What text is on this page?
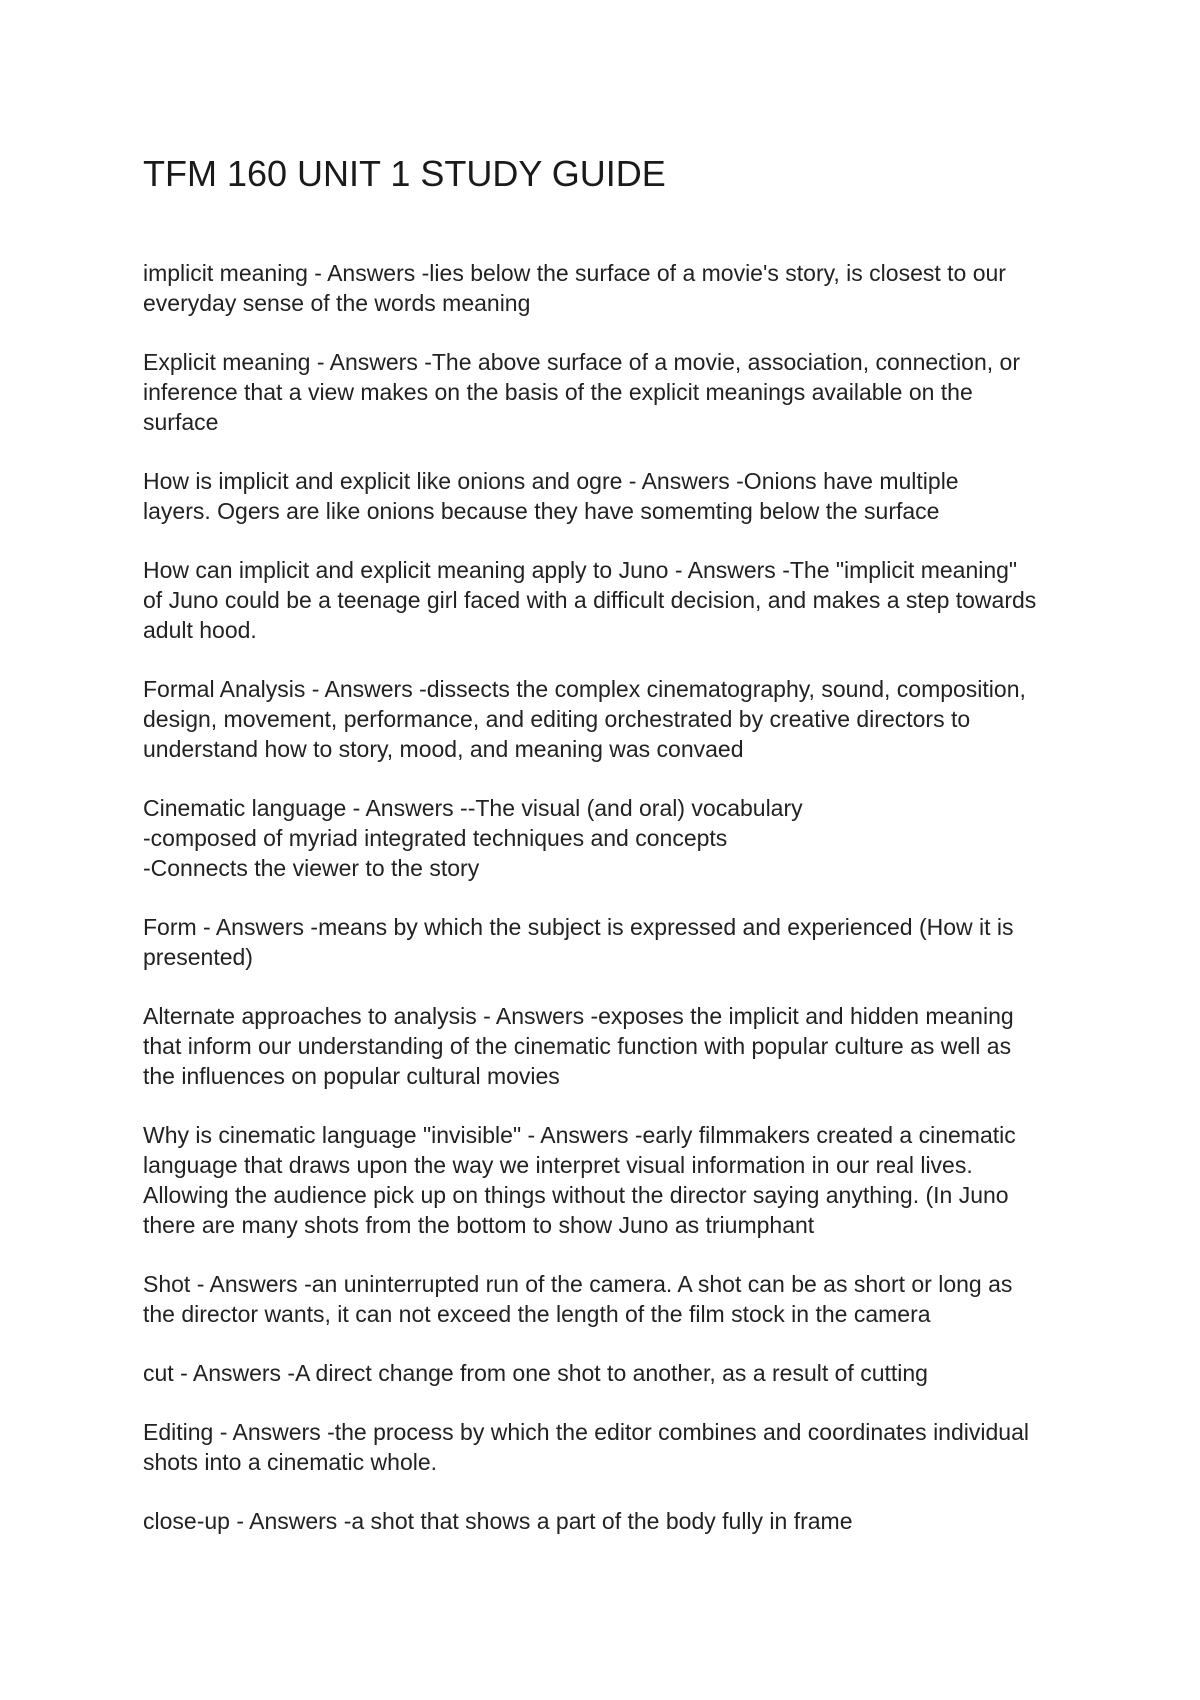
TFM 160 UNIT 1 STUDY GUIDE

implicit meaning - Answers -lies below the surface of a movie's story, is closest to our
everyday sense of the words meaning

Explicit meaning - Answers -The above surface of a movie, association, connection, or
inference that a view makes on the basis of the explicit meanings available on the
surface

How is implicit and explicit like onions and ogre - Answers -Onions have multiple
layers. Ogers are like onions because they have somemting below the surface

How can implicit and explicit meaning apply to Juno - Answers -The "implicit meaning"
of Juno could be a teenage girl faced with a difficult decision, and makes a step towards
adult hood.

Formal Analysis - Answers -dissects the complex cinematography, sound, composition,
design, movement, performance, and editing orchestrated by creative directors to
understand how to story, mood, and meaning was convaed

Cinematic language - Answers --The visual (and oral) vocabulary
-composed of myriad integrated techniques and concepts
-Connects the viewer to the story

Form - Answers -means by which the subject is expressed and experienced (How it is
presented)

Alternate approaches to analysis - Answers -exposes the implicit and hidden meaning
that inform our understanding of the cinematic function with popular culture as well as
the influences on popular cultural movies

Why is cinematic language "invisible" - Answers -early filmmakers created a cinematic
language that draws upon the way we interpret visual information in our real lives.
Allowing the audience pick up on things without the director saying anything. (In Juno
there are many shots from the bottom to show Juno as triumphant

Shot - Answers -an uninterrupted run of the camera. A shot can be as short or long as
the director wants, it can not exceed the length of the film stock in the camera

cut - Answers -A direct change from one shot to another, as a result of cutting

Editing - Answers -the process by which the editor combines and coordinates individual
shots into a cinematic whole.

close-up - Answers -a shot that shows a part of the body fully in frame
